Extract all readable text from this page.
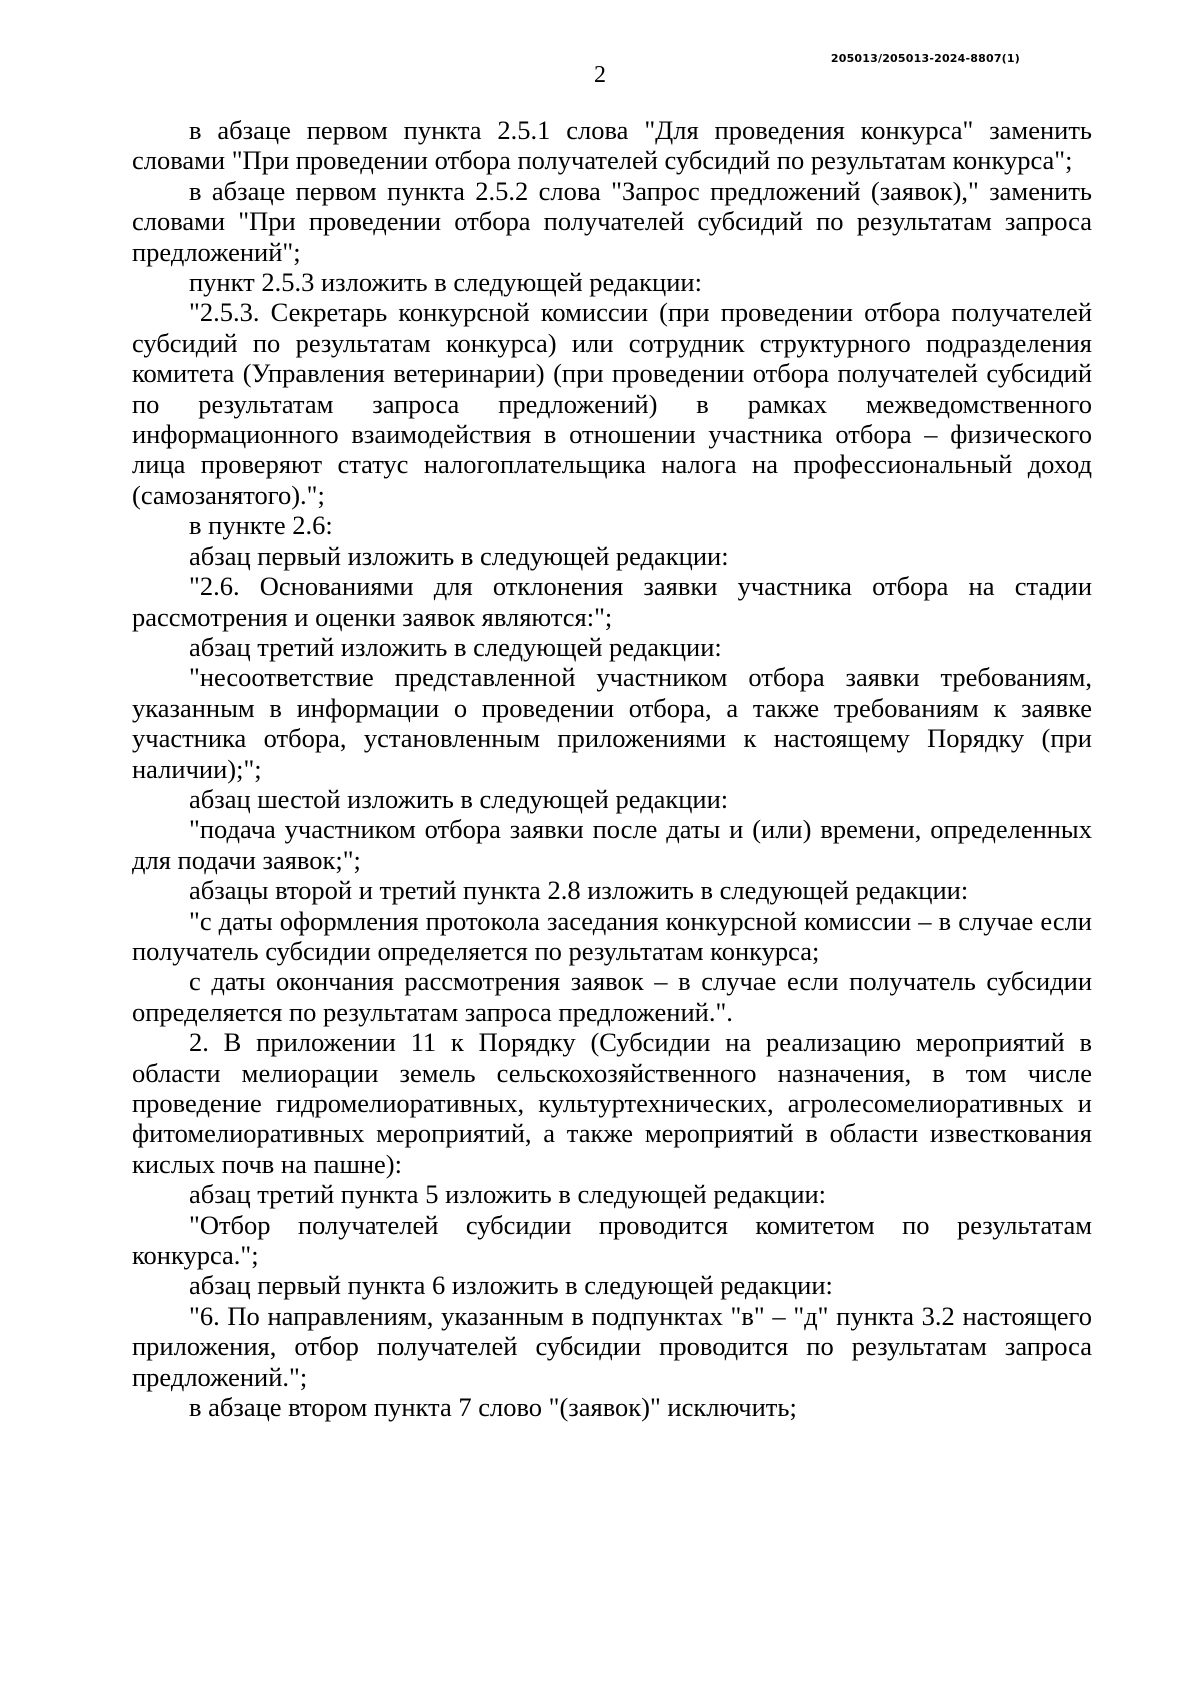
205013/205013-2024-8807(1)
2

в абзаце первом пункта 2.5.1 слова "Для проведения конкурса" заменить словами "При проведении отбора получателей субсидий по результатам конкурса";

в абзаце первом пункта 2.5.2 слова "Запрос предложений (заявок)," заменить словами "При проведении отбора получателей субсидий по результатам запроса предложений";

пункт 2.5.3 изложить в следующей редакции:

"2.5.3. Секретарь конкурсной комиссии (при проведении отбора получателей субсидий по результатам конкурса) или сотрудник структурного подразделения комитета (Управления ветеринарии) (при проведении отбора получателей субсидий по результатам запроса предложений) в рамках межведомственного информационного взаимодействия в отношении участника отбора – физического лица проверяют статус налогоплательщика налога на профессиональный доход (самозанятого).";

в пункте 2.6:

абзац первый изложить в следующей редакции:

"2.6. Основаниями для отклонения заявки участника отбора на стадии рассмотрения и оценки заявок являются:";

абзац третий изложить в следующей редакции:

"несоответствие представленной участником отбора заявки требованиям, указанным в информации о проведении отбора, а также требованиям к заявке участника отбора, установленным приложениями к настоящему Порядку (при наличии);";

абзац шестой изложить в следующей редакции:

"подача участником отбора заявки после даты и (или) времени, определенных для подачи заявок;";

абзацы второй и третий пункта 2.8 изложить в следующей редакции:

"с даты оформления протокола заседания конкурсной комиссии – в случае если получатель субсидии определяется по результатам конкурса;

с даты окончания рассмотрения заявок – в случае если получатель субсидии определяется по результатам запроса предложений.".

2. В приложении 11 к Порядку (Субсидии на реализацию мероприятий в области мелиорации земель сельскохозяйственного назначения, в том числе проведение гидромелиоративных, культуртехнических, агролесомелиоративных и фитомелиоративных мероприятий, а также мероприятий в области известкования кислых почв на пашне):

абзац третий пункта 5 изложить в следующей редакции:

"Отбор получателей субсидии проводится комитетом по результатам конкурса.";

абзац первый пункта 6 изложить в следующей редакции:

"6. По направлениям, указанным в подпунктах "в" – "д" пункта 3.2 настоящего приложения, отбор получателей субсидии проводится по результатам запроса предложений.";

в абзаце втором пункта 7 слово "(заявок)" исключить;
